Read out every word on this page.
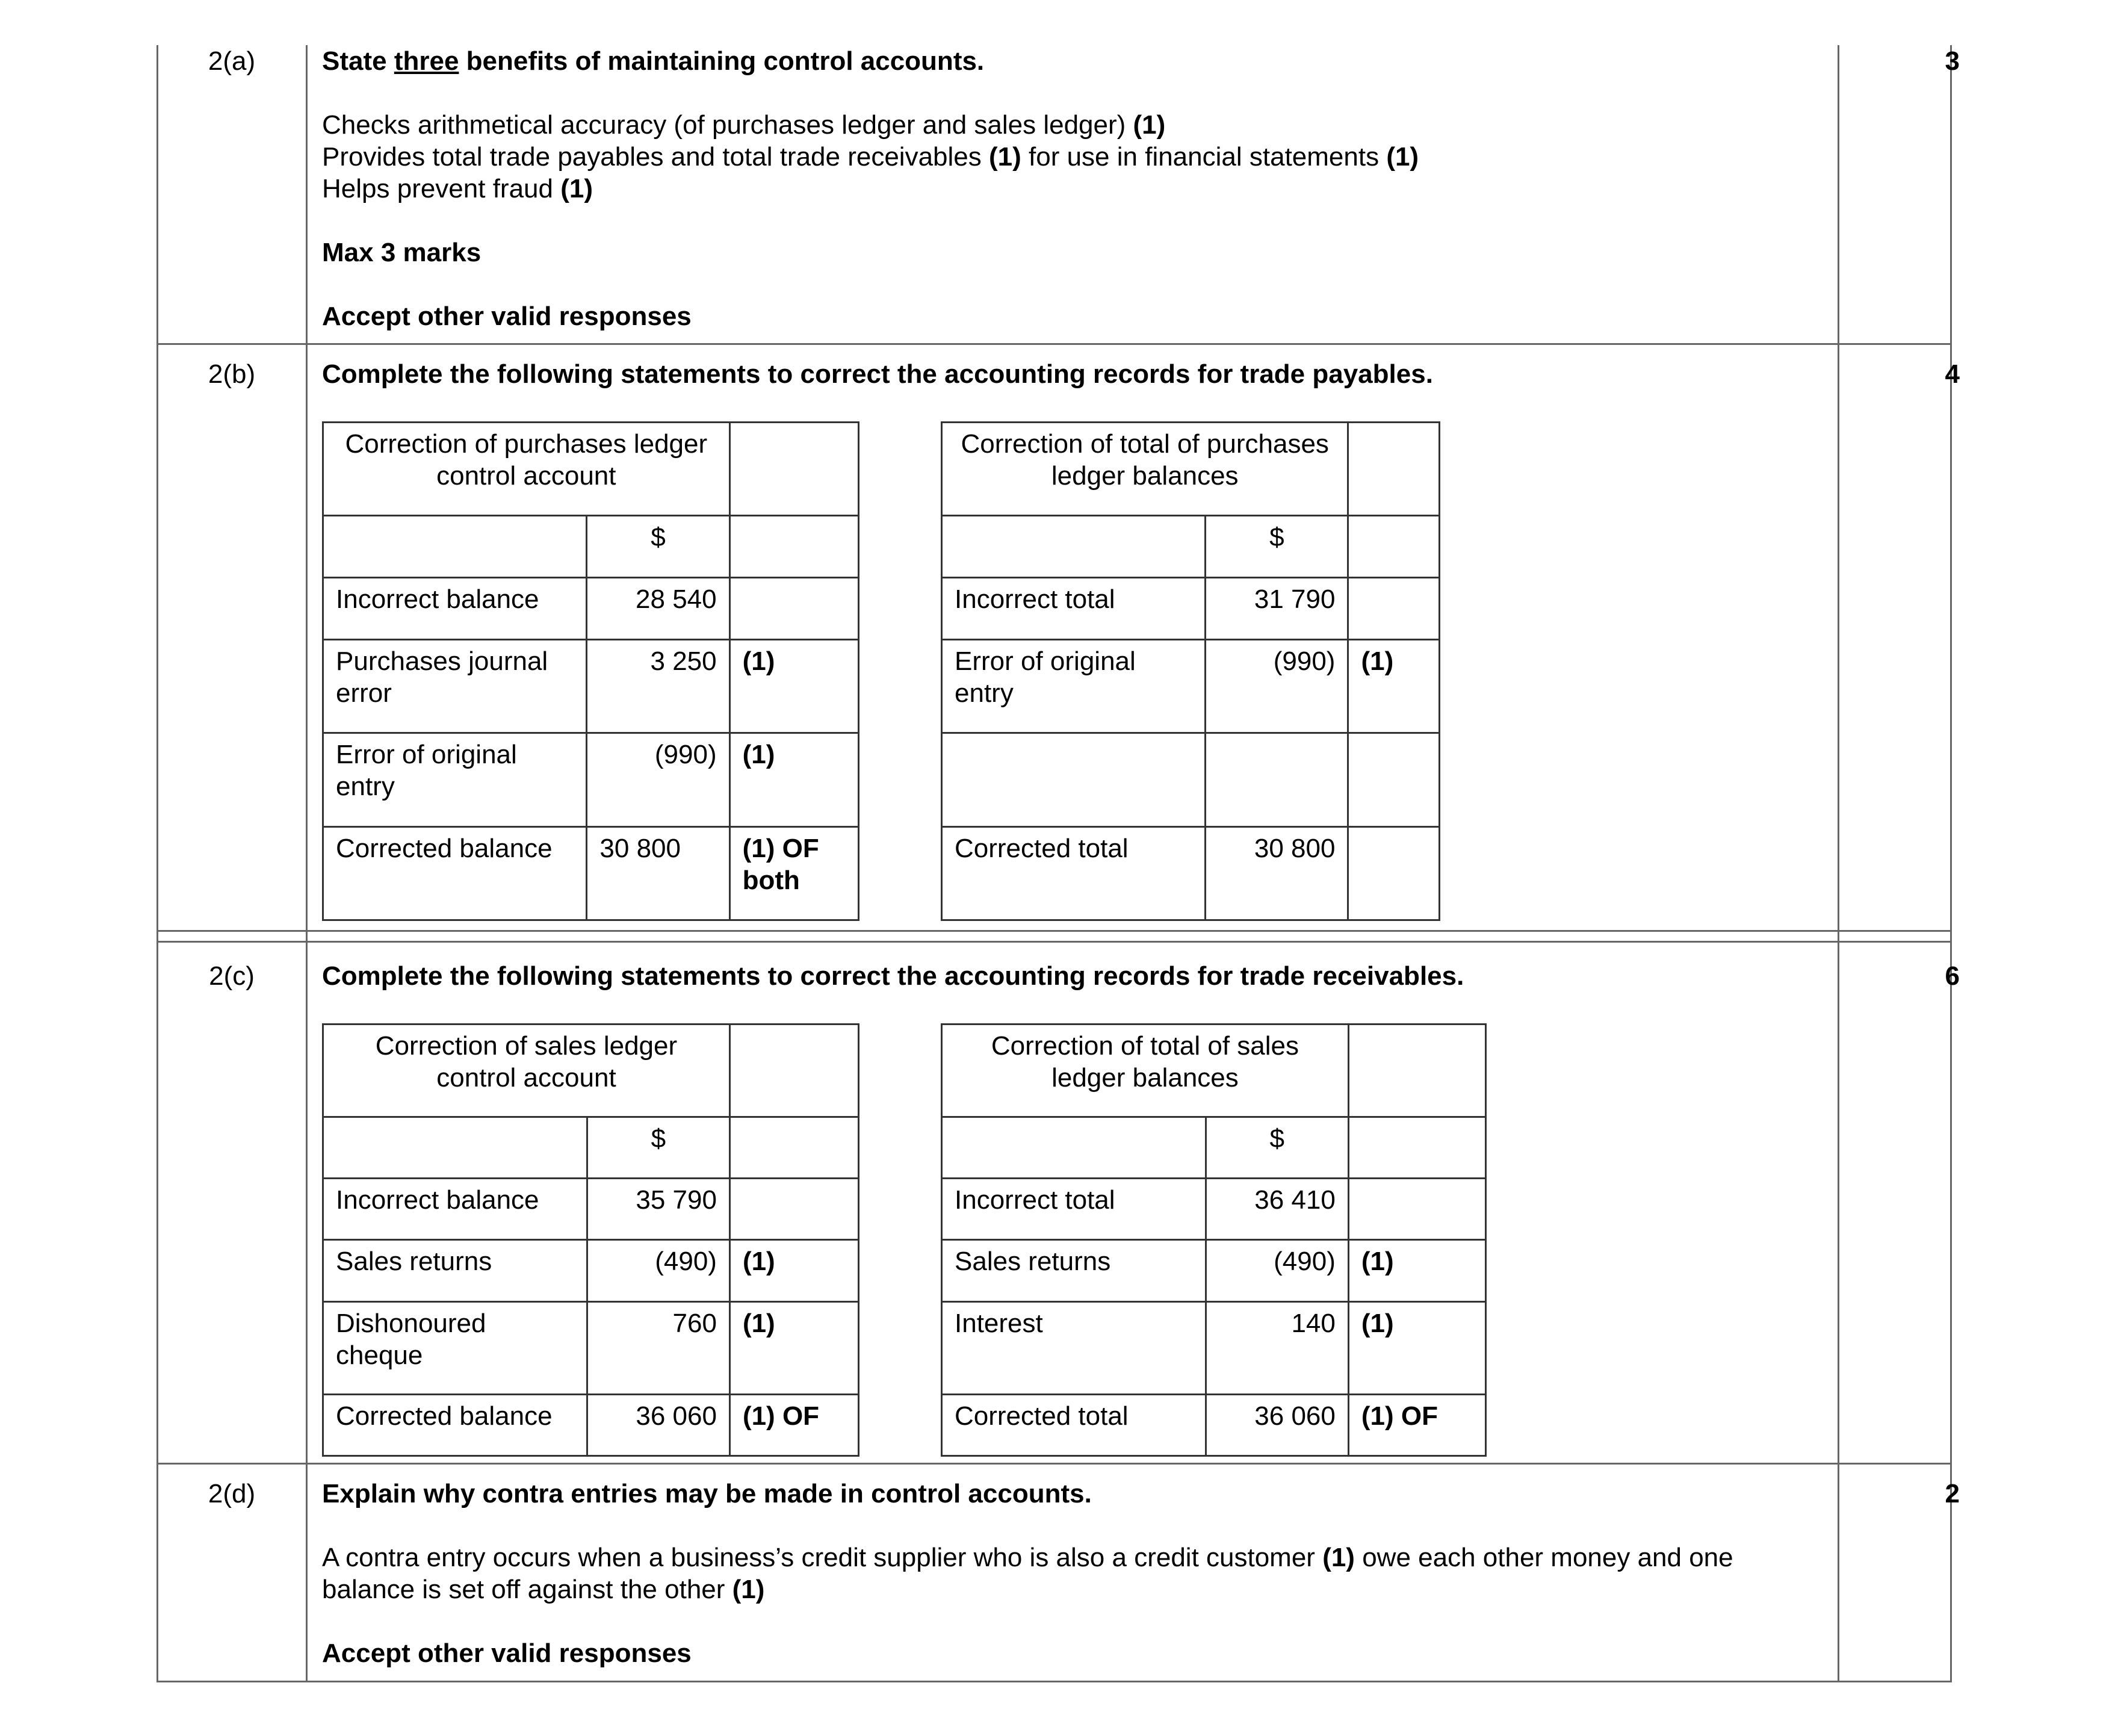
2(a)	3

State three benefits of maintaining control accounts.

Checks arithmetical accuracy (of purchases ledger and sales ledger) (1)

Provides total trade payables and total trade receivables (1) for use in financial statements (1)

Helps prevent fraud (1)

Max 3 marks

Accept other valid responses

2(b)	4

Complete the following statements to correct the accounting records for trade payables.

Correction of purchases ledger control account		
	$	
Incorrect balance	28 540	
Purchases journal error	3 250	(1)
Error of original entry	(990)	(1)
Corrected balance	30 800	(1) OF both
Correction of total of purchases ledger balances		
	$	
Incorrect total	31 790	
Error of original entry	(990)	(1)

Corrected total	30 800	
2(c)	6

Complete the following statements to correct the accounting records for trade receivables.

Correction of sales ledger control account		
	$	
Incorrect balance	35 790	
Sales returns	(490)	(1)
Dishonoured cheque	760	(1)
Corrected balance	36 060	(1) OF
Correction of total of sales ledger balances		
	$	
Incorrect total	36 410	
Sales returns	(490)	(1)
Interest	140	(1)
Corrected total	36 060	(1) OF
2(d)	2

Explain why contra entries may be made in control accounts.

A contra entry occurs when a business’s credit supplier who is also a credit customer (1) owe each other money and one balance is set off against the other (1)

Accept other valid responses
